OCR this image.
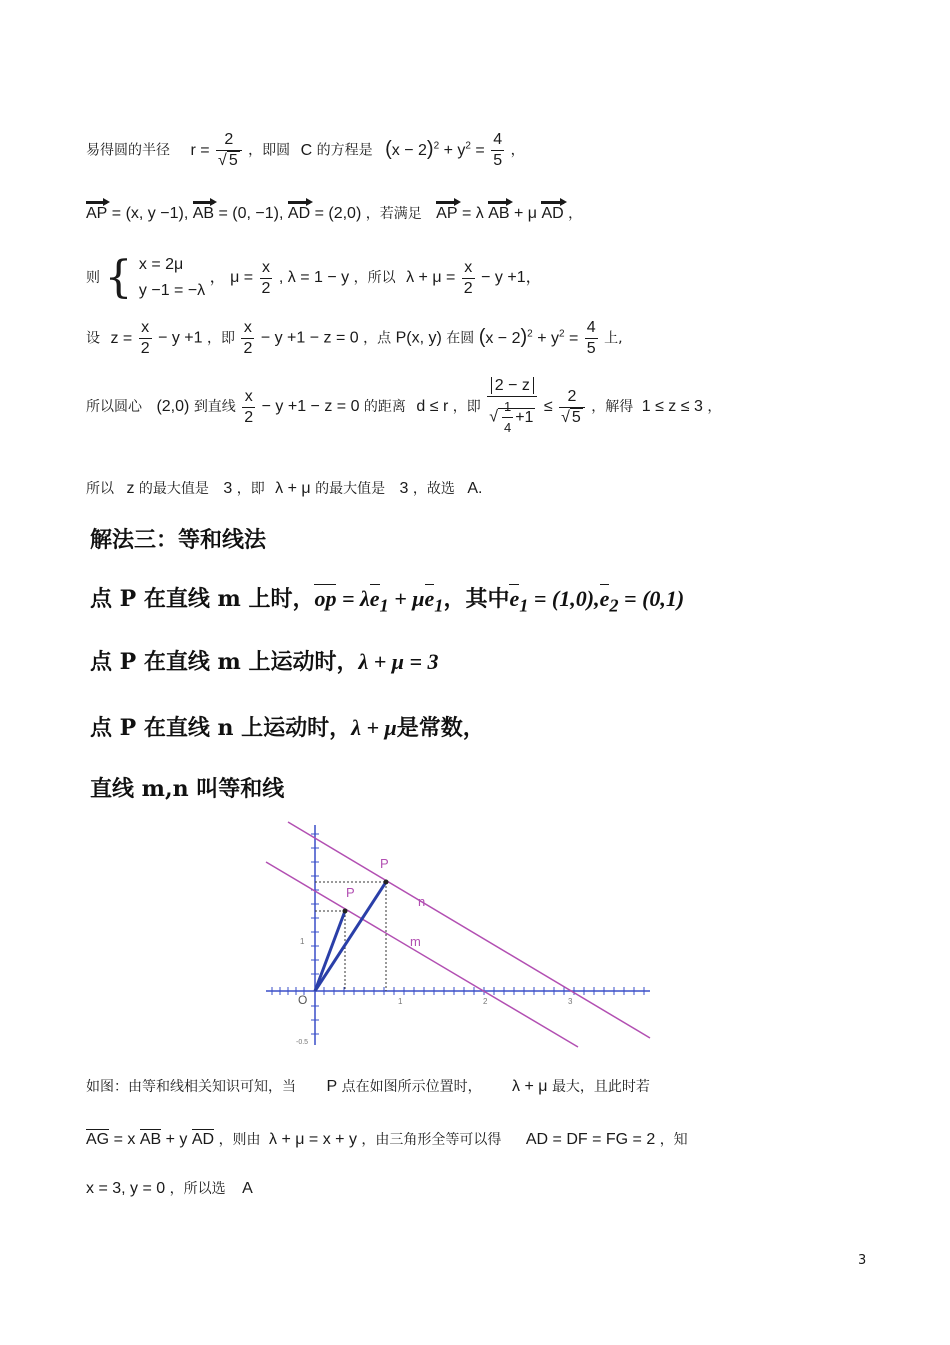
易得圆的半径 $r = \frac{2}{√ 5}$ ，即圆 C 的方程是 $(x - 2)^2 + y^2 = \frac{4}{5}$ ，
AP = (x, y −1), AB = (0, −1), AD = (2,0) ，若满足 AP = λ AB + μ AD ，
则 { x = 2μ
y −1 = −λ
， $\mu = \frac{x}{2}$ , λ = 1 − y ，所以 $\lambda + \mu = \frac{x}{2} - y +1$，
设 $z = \frac{x}{2} - y +1$ ，即 $\frac{x}{2} - y +1 - z = 0$ ，点 P(x, y) 在圆 $(x - 2)^2 + y^2 = \frac{4}{5}$ 上,
所以圆心 (2,0) 到直线 $\frac{x}{2} - y +1 - z = 0$ 的距离 d ≤ r ，即 $\frac{2 - z}{√ \frac{1}{4} +1} \le \frac{2}{√ 5}$ ，解得 1 ≤ z ≤ 3 ，
所以 z 的最大值是 3 ，即 λ + μ 的最大值是 3 ，故选 A.
解法三：等和线法
点 P 在直线 m 上时，op = $\lambda e_1 + \mu e_1$，其中$e_1 = (1,0),e_2 = (0,1)$
点 P 在直线 m 上运动时，λ + μ = 3
点 P 在直线 n 上运动时，λ + μ是常数，
直线 m,n 叫等和线
P
P
n
m
O	1	2	3
1
-0.5
如图：由等和线相关知识可知，当 P 点在如图所示位置时， λ + μ 最大，且此时若
AG = x AB + y AD ，则由 λ + μ = x + y ，由三角形全等可以得 AD = DF = FG = 2 ，知
x = 3, y = 0 ，所以选 A
3
